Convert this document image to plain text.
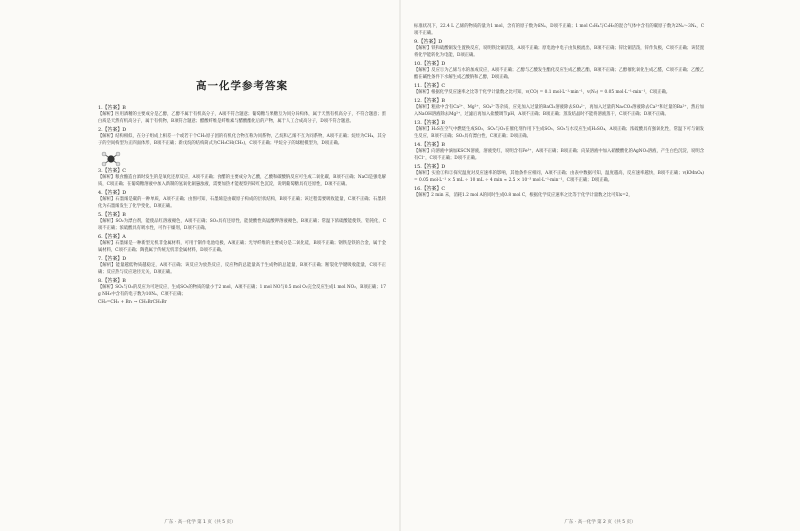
高一化学参考答案

1.【答案】B

【解析】医用酒精的主要成分是乙醇，乙醇不属于有机高分子，A项不符合题意；葡萄糖与果糖互为同分异构体，属于天然有机高分子，不符合题意；蛋白质是天然有机高分子，属于有机物，B项符合题意；醋酸纤维是纤维素与醋酸酯化后的产物，属于人工合成高分子，D项不符合题意。

2.【答案】D

【解析】结构相似，在分子组成上相差一个或若干个CH₂原子团的有机化合物互称为同系物，乙烷和乙烯不互为同系物，A项不正确；烷烃为CH₄，其分子的空间构型为正四面体形，B项不正确；新戊烷的结构简式为CH₃CH(CH₃)，C项不正确；甲烷分子的球棍模型为，D项正确。

3.【答案】C

【解析】粮食酿造白酒时发生的是氧化还原反应，A项不正确；食醋的主要成分为乙酸，乙酸和碳酸钠反应可生成二氧化碳，B项不正确；NaCl是强电解质，C项正确；在葡萄糖溶液中加入新制的氢氧化铜悬浊液，需要加热才能观察到砖红色沉淀，说明葡萄糖具有还原性，D项不正确。

4.【答案】D

【解析】石墨烯是碳的一种单质，A项不正确；由图可知，石墨烯是由碳原子构成的层状结构，B项不正确；该过程需要吸收能量，C项不正确；石墨转化为石墨烯发生了化学变化，D项正确。

5.【答案】B

【解析】SO₂为漂白剂，能使品红溶液褪色，A项不正确；SO₂具有还原性，能使酸性高锰酸钾溶液褪色，B项正确；常温下浓硫酸能使铁、铝钝化，C项不正确；浓硫酸具有吸水性，可作干燥剂，D项不正确。

6.【答案】A

【解析】石墨烯是一种新型无机非金属材料，可用于制作电池电极，A项正确；光导纤维的主要成分是二氧化硅，B项不正确；钢铁是铁的合金，属于金属材料，C项不正确；陶瓷属于传统无机非金属材料，D项不正确。

7.【答案】D

【解析】能量越低物质越稳定，A项不正确；该反应为放热反应，反应物的总能量高于生成物的总能量，B项不正确；断裂化学键吸收能量，C项不正确；反应热与反应途径无关，D项正确。

8.【答案】B

【解析】SO₂与O₂的反应为可逆反应，生成SO₃的物质的量小于2 mol，A项不正确；1 mol NO与0.5 mol O₂完全反应生成1 mol NO₂，B项正确；17 g NH₃中含有的电子数为10Nₐ，C项不正确；

CH₂=CH₂ + Br₂ → CH₂BrCH₂Br
广东 · 高一化学 第 1 页（共 5 页）

标准状况下，22.4 L 乙烯的物质的量为1 mol，含有的原子数为6Nₐ，D项不正确；1 mol C₂H₄与C₃H₆的混合气体中含有的碳原子数为2Nₐ～3Nₐ，C项不正确。

9.【答案】D

【解析】铁和硫酸铜发生置换反应，说明铁比铜活泼，A项不正确；原电池中电子由负极流出，B项不正确；锌比铜活泼，锌作负极，C项不正确；该装置将化学能转化为电能，D项正确。

10.【答案】D

【解析】反应①为乙烯与水的加成反应，A项不正确；乙醇与乙酸发生酯化反应生成乙酸乙酯，B项不正确；乙醇催化氧化生成乙醛，C项不正确；乙酸乙酯在碱性条件下水解生成乙酸钠和乙醇，D项正确。

11.【答案】C

【解析】根据化学反应速率之比等于化学计量数之比可知，v(CO) = 0.1 mol·L⁻¹·min⁻¹，v(N₂) = 0.05 mol·L⁻¹·min⁻¹，C项正确。

12.【答案】B

【解析】粗盐中含有Ca²⁺、Mg²⁺、SO₄²⁻等杂质，应先加入过量的BaCl₂溶液除去SO₄²⁻，再加入过量的Na₂CO₃溶液除去Ca²⁺和过量的Ba²⁺，然后加入NaOH溶液除去Mg²⁺，过滤后再加入盐酸调节pH，A项不正确；B项正确；蒸发结晶时不能将溶液蒸干，C项不正确；D项不正确。

13.【答案】B

【解析】H₂S在空气中燃烧生成SO₂，SO₂与O₂在催化剂作用下生成SO₃，SO₃与水反应生成H₂SO₄，A项正确；浓硫酸具有强氧化性，常温下可与铜发生反应，B项不正确；SO₂具有漂白性，C项正确；D项正确。

14.【答案】B

【解析】向溶液中滴加KSCN溶液，溶液变红，说明含有Fe³⁺，A项不正确；B项正确；向某溶液中加入硝酸酸化的AgNO₃溶液，产生白色沉淀，说明含有Cl⁻，C项不正确；D项不正确。

15.【答案】D

【解析】实验①和②探究温度对反应速率的影响，其他条件应相同，A项不正确；由表中数据可知，温度越高，反应速率越快，B项不正确；v(KMnO₄) = 0.05 mol·L⁻¹ × 5 mL ÷ 10 mL ÷ 4 min ≈ 2.5 × 10⁻³ mol·L⁻¹·min⁻¹，C项不正确；D项正确。

16.【答案】C

【解析】2 min 末，消耗1.2 mol A的同时生成0.8 mol C，根据化学反应速率之比等于化学计量数之比可知x=2，

广东 · 高一化学 第 2 页（共 5 页）
